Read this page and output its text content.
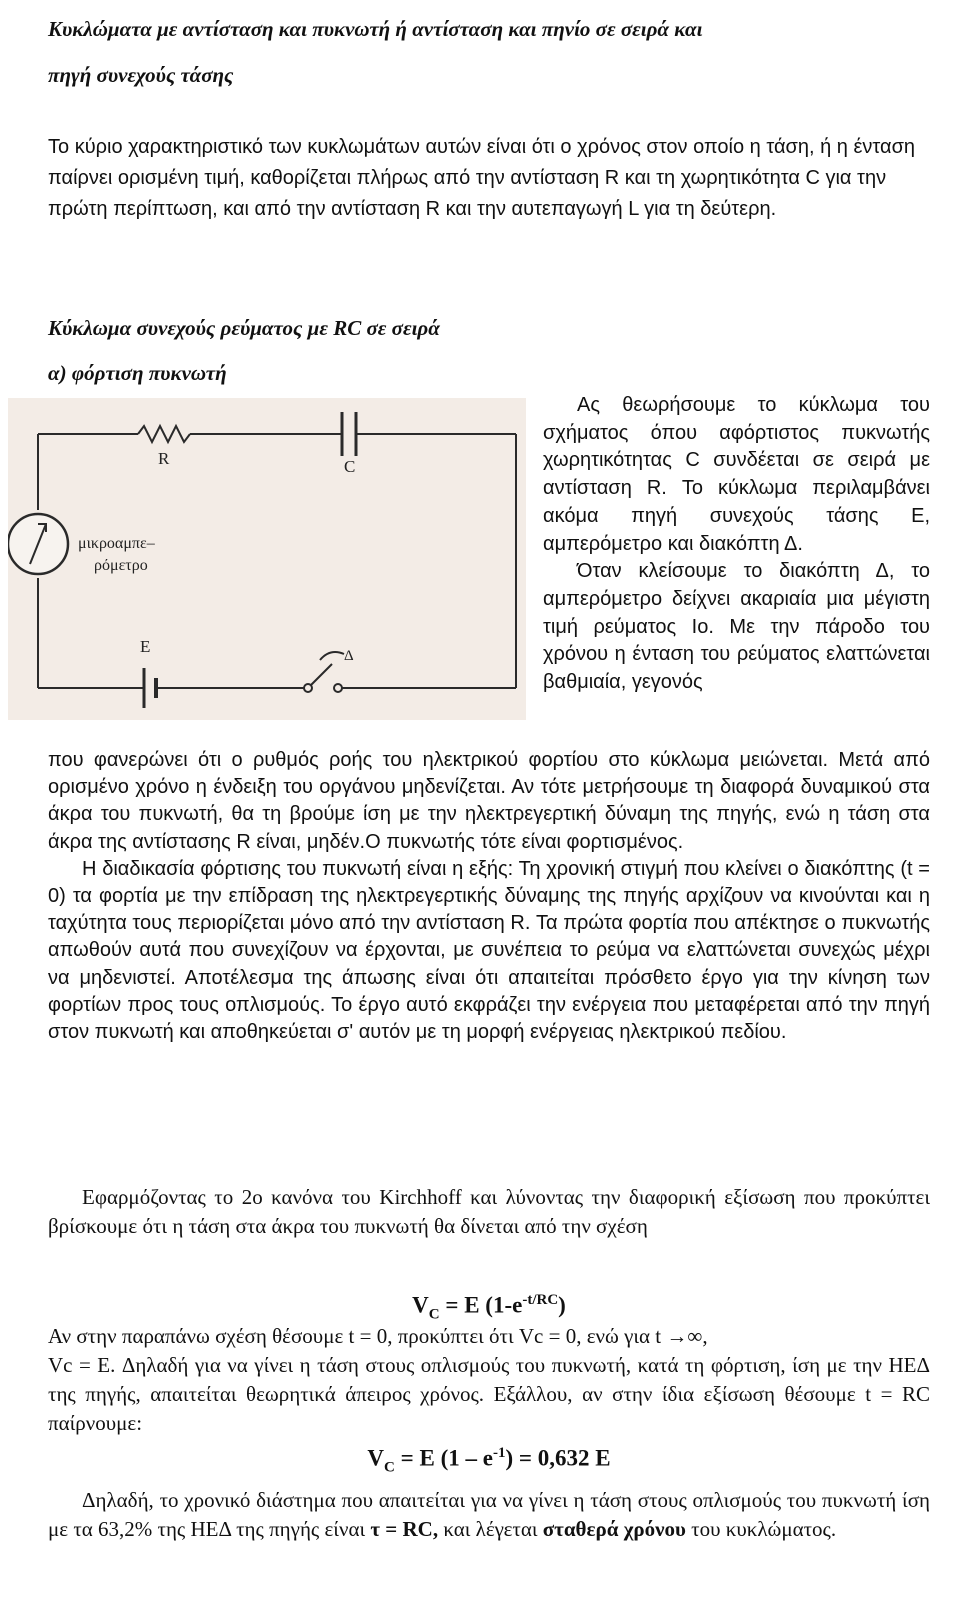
Κυκλώματα με αντίσταση και πυκνωτή ή αντίσταση και πηνίο σε σειρά και
πηγή συνεχούς τάσης

Το κύριο χαρακτηριστικό των κυκλωμάτων αυτών είναι ότι ο χρόνος στον οποίο η τάση, ή η ένταση παίρνει ορισμένη τιμή, καθορίζεται πλήρως από την αντίσταση R και τη χωρητικότητα C για την πρώτη περίπτωση, και από την αντίσταση R και την αυτεπαγωγή L για τη δεύτερη.

Κύκλωμα συνεχούς ρεύματος με RC σε σειρά
α) φόρτιση πυκνωτή
R	C
E	Δ
μικροαμπε–
ρόμετρο

Ας θεωρήσουμε το κύκλωμα του σχήματος όπου αφόρτιστος πυκνωτής χωρητικότητας C συνδέεται σε σειρά με αντίσταση R. Το κύκλωμα περιλαμβάνει ακόμα πηγή συνεχούς τάσης E, αμπερόμετρο και διακόπτη Δ.

Όταν κλείσουμε το διακόπτη Δ, το αμπερόμετρο δείχνει ακαριαία μια μέγιστη τιμή ρεύματος Io. Με την πάροδο του χρόνου η ένταση του ρεύματος ελαττώνεται βαθμιαία, γεγονός

που φανερώνει ότι ο ρυθμός ροής του ηλεκτρικού φορτίου στο κύκλωμα μειώνεται. Μετά από ορισμένο χρόνο η ένδειξη του οργάνου μηδενίζεται. Αν τότε μετρήσουμε τη διαφορά δυναμικού στα άκρα του πυκνωτή, θα τη βρούμε ίση με την ηλεκτρεγερτική δύναμη της πηγής, ενώ η τάση στα άκρα της αντίστασης R είναι, μηδέν.Ο πυκνωτής τότε είναι φορτισμένος.

Η διαδικασία φόρτισης του πυκνωτή είναι η εξής: Τη χρονική στιγμή που κλείνει ο διακόπτης (t = 0) τα φορτία με την επίδραση της ηλεκτρεγερτικής δύναμης της πηγής αρχίζουν να κινούνται και η ταχύτητα τους περιορίζεται μόνο από την αντίσταση R. Τα πρώτα φορτία που απέκτησε ο πυκνωτής απωθούν αυτά που συνεχίζουν να έρχονται, με συνέπεια το ρεύμα να ελαττώνεται συνεχώς μέχρι να μηδενιστεί. Αποτέλεσμα της άπωσης είναι ότι απαιτείται πρόσθετο έργο για την κίνηση των φορτίων προς τους οπλισμούς. Το έργο αυτό εκφράζει την ενέργεια που μεταφέρεται από την πηγή στον πυκνωτή και αποθηκεύεται σ' αυτόν με τη μορφή ενέργειας ηλεκτρικού πεδίου.

Εφαρμόζοντας το 2ο κανόνα του Kirchhoff και λύνοντας την διαφορική εξίσωση που προκύπτει βρίσκουμε ότι η τάση στα άκρα του πυκνωτή θα δίνεται από την σχέση

$V_C = E$ $(1-e^{-t/RC})$

Αν στην παραπάνω σχέση θέσουμε t = 0, προκύπτει ότι Vc = 0, ενώ για t →∞,

Vc = E. Δηλαδή για να γίνει η τάση στους οπλισμούς του πυκνωτή, κατά τη φόρτιση, ίση με την ΗΕΔ της πηγής, απαιτείται θεωρητικά άπειρος χρόνος. Εξάλλου, αν στην ίδια εξίσωση θέσουμε t = RC παίρνουμε:

$V_C = E$ $(1 - e^{-1}) = 0,632$ E

Δηλαδή, το χρονικό διάστημα που απαιτείται για να γίνει η τάση στους οπλισμούς του πυκνωτή ίση με τα 63,2% της ΗΕΔ της πηγής είναι τ = RC, και λέγεται σταθερά χρόνου του κυκλώματος.
